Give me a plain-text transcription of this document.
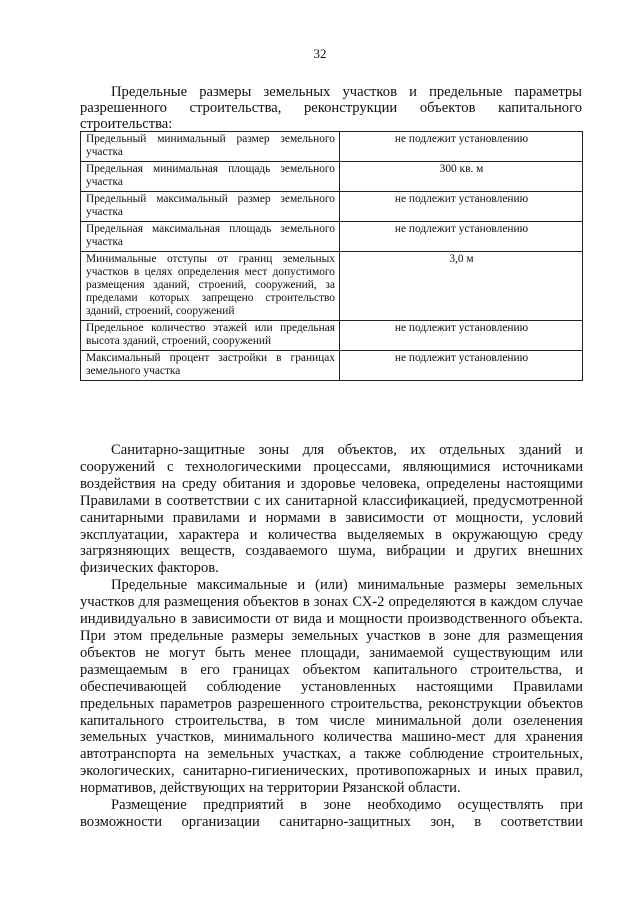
32

Предельные размеры земельных участков и предельные параметры разрешенного строительства, реконструкции объектов капитального строительства:

Предельный минимальный размер земельного участка	не подлежит установлению
Предельная минимальная площадь земельного участка	300 кв. м
Предельный максимальный размер земельного участка	не подлежит установлению
Предельная максимальная площадь земельного участка	не подлежит установлению
Минимальные отступы от границ земельных участков в целях определения мест допустимого размещения зданий, строений, сооружений, за пределами которых запрещено строительство зданий, строений, сооружений	3,0 м
Предельное количество этажей или предельная высота зданий, строений, сооружений	не подлежит установлению
Максимальный процент застройки в границах земельного участка	не подлежит установлению

Санитарно-защитные зоны для объектов, их отдельных зданий и сооружений с технологическими процессами, являющимися источниками воздействия на среду обитания и здоровье человека, определены настоящими Правилами в соответствии с их санитарной классификацией, предусмотренной санитарными правилами и нормами в зависимости от мощности, условий эксплуатации, характера и количества выделяемых в окружающую среду загрязняющих веществ, создаваемого шума, вибрации и других внешних физических факторов.

Предельные максимальные и (или) минимальные размеры земельных участков для размещения объектов в зонах СХ-2 определяются в каждом случае индивидуально в зависимости от вида и мощности производственного объекта. При этом предельные размеры земельных участков в зоне для размещения объектов не могут быть менее площади, занимаемой существующим или размещаемым в его границах объектом капитального строительства, и обеспечивающей соблюдение установленных настоящими Правилами предельных параметров разрешенного строительства, реконструкции объектов капитального строительства, в том числе минимальной доли озеленения земельных участков, минимального количества машино-мест для хранения автотранспорта на земельных участках, а также соблюдение строительных, экологических, санитарно-гигиенических, противопожарных и иных правил, нормативов, действующих на территории Рязанской области.

Размещение предприятий в зоне необходимо осуществлять при возможности организации санитарно-защитных зон, в соответствии
